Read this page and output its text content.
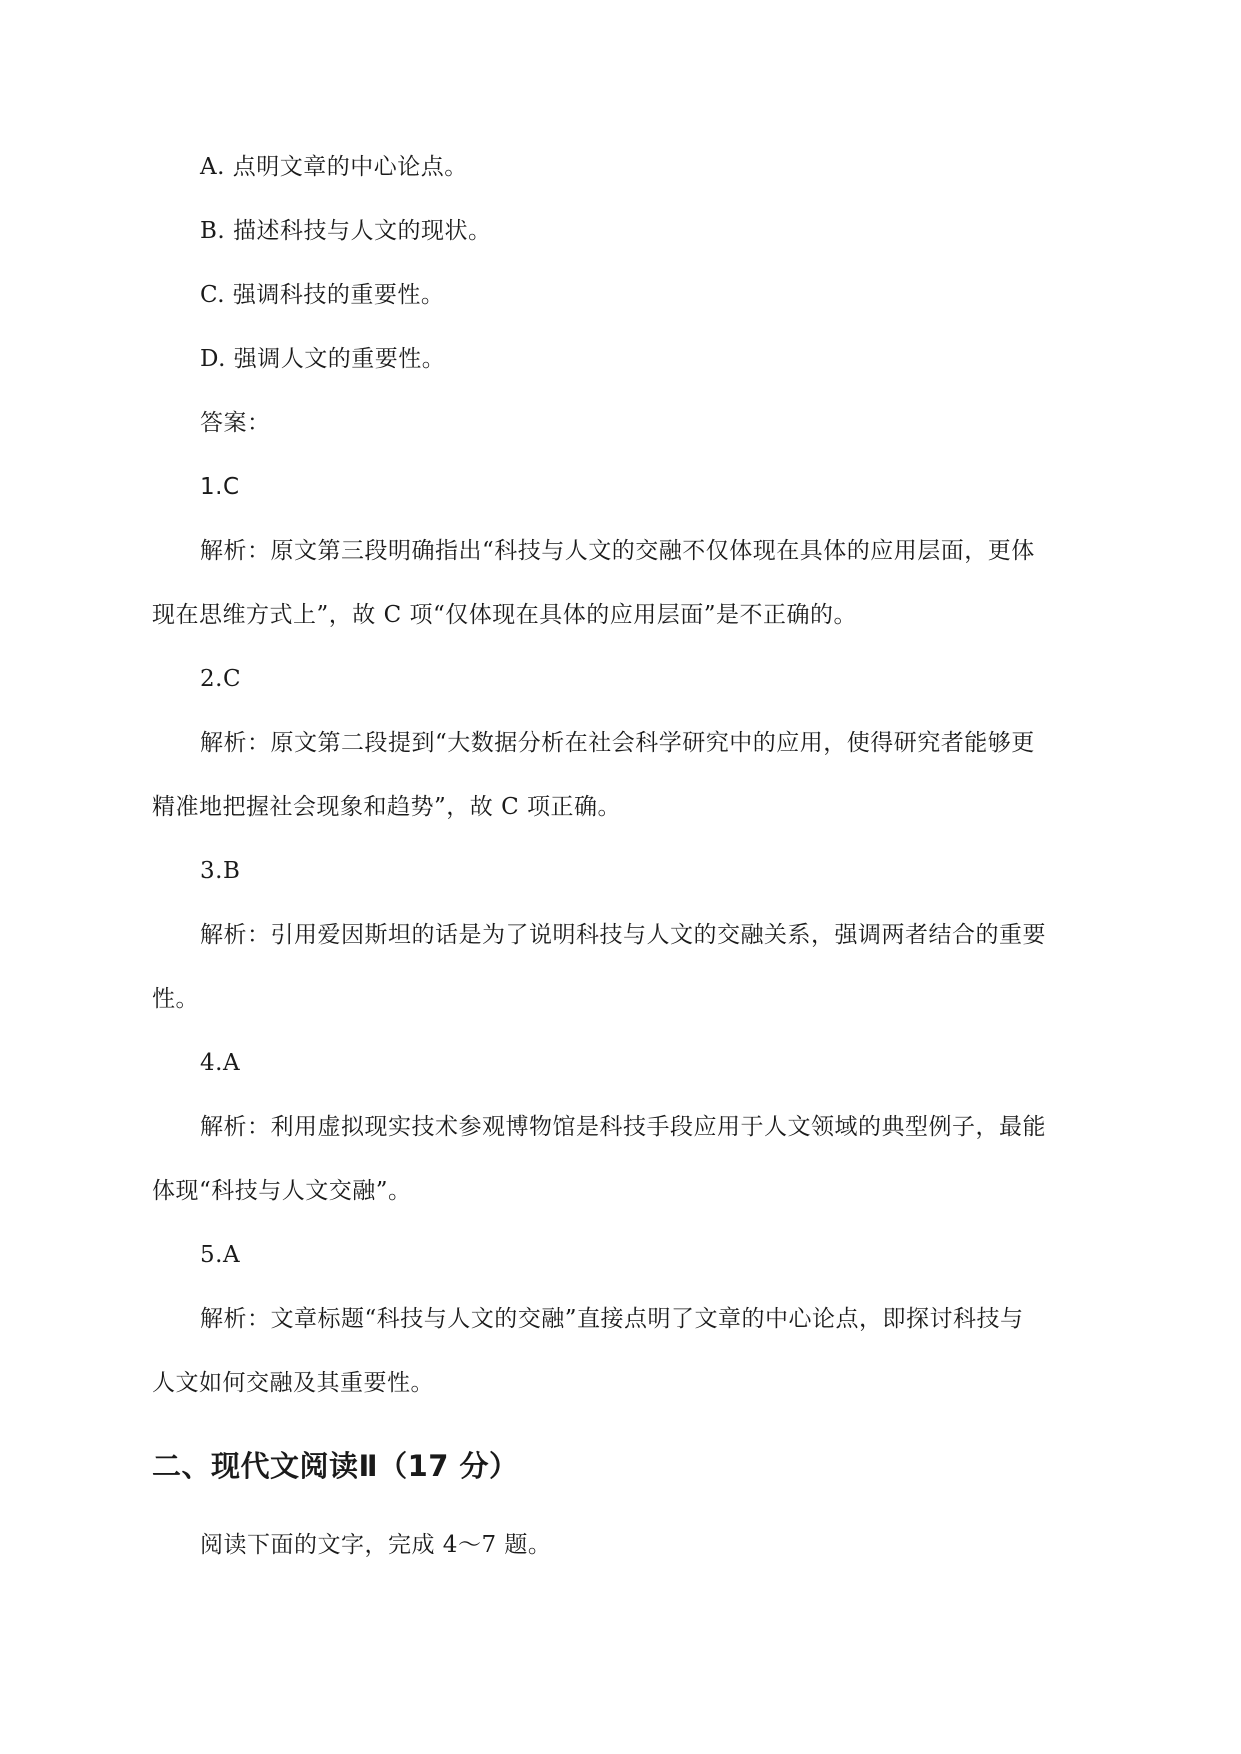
A. 点明文章的中心论点。
B. 描述科技与人文的现状。
C. 强调科技的重要性。
D. 强调人文的重要性。
答案：
1.C
解析：原文第三段明确指出“科技与人文的交融不仅体现在具体的应用层面，更体
现在思维方式上”，故 C 项“仅体现在具体的应用层面”是不正确的。
2.C
解析：原文第二段提到“大数据分析在社会科学研究中的应用，使得研究者能够更
精准地把握社会现象和趋势”，故 C 项正确。
3.B
解析：引用爱因斯坦的话是为了说明科技与人文的交融关系，强调两者结合的重要
性。
4.A
解析：利用虚拟现实技术参观博物馆是科技手段应用于人文领域的典型例子，最能
体现“科技与人文交融”。
5.A
解析：文章标题“科技与人文的交融”直接点明了文章的中心论点，即探讨科技与
人文如何交融及其重要性。
二、现代文阅读Ⅱ（17 分）
阅读下面的文字，完成 4～7 题。
